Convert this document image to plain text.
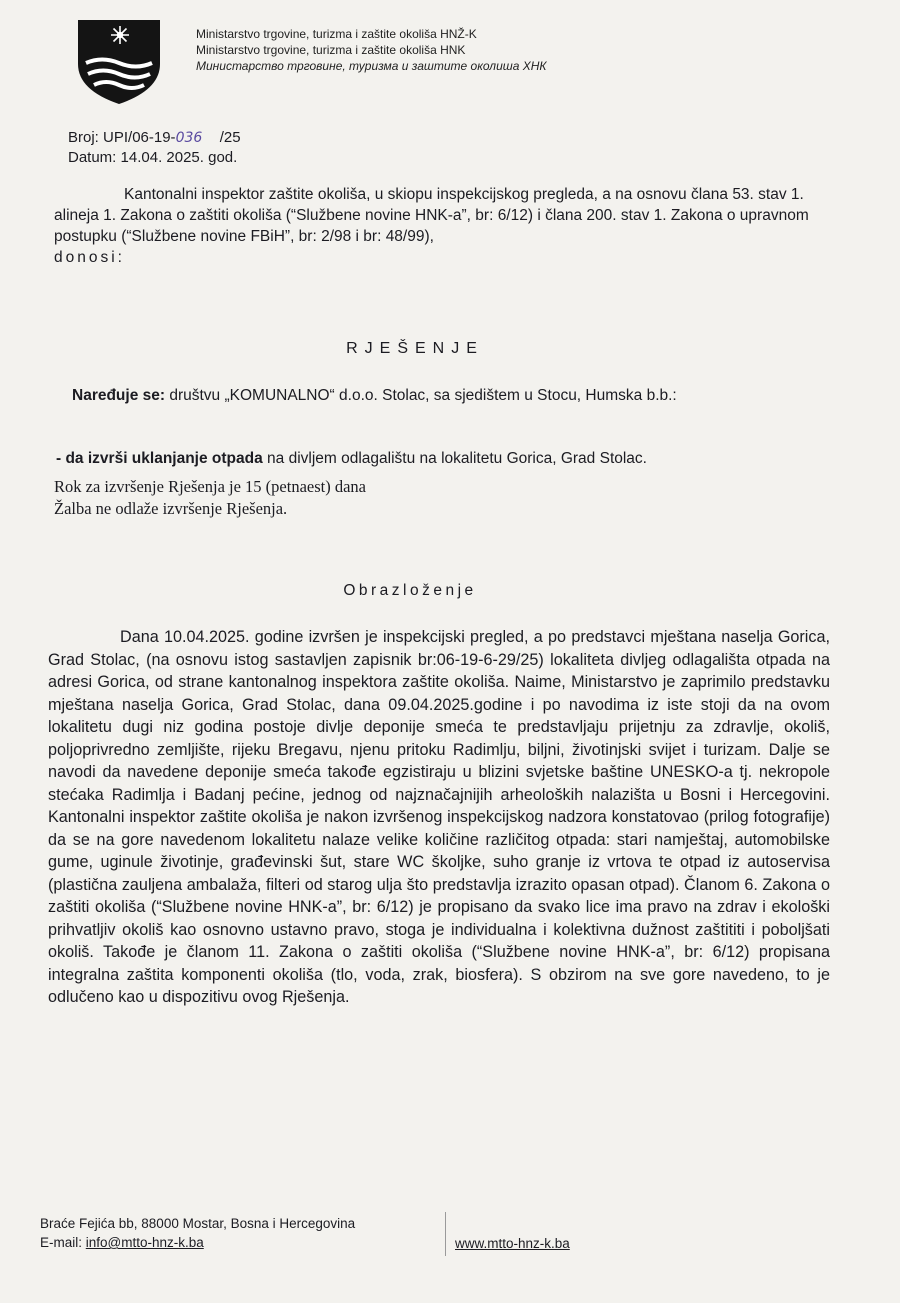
Ministarstvo trgovine, turizma i zaštite okoliša HNŽ-K
Ministarstvo trgovine, turizma i zaštite okoliša HNK
Министарство трговине, туризма и заштите околиша ХНК
Broj: UPI/06-19-036 /25
Datum: 14.04. 2025. god.

Kantonalni inspektor zaštite okoliša, u skiopu inspekcijskog pregleda, a na osnovu člana 53. stav 1. alineja 1. Zakona o zaštiti okoliša (“Službene novine HNK-a”, br: 6/12) i člana 200. stav 1. Zakona o upravnom postupku (“Službene novine FBiH”, br: 2/98 i br: 48/99),

donosi:
RJEŠENJE
Naređuje se: društvu „KOMUNALNO“ d.o.o. Stolac, sa sjedištem u Stocu, Humska b.b.:
- da izvrši uklanjanje otpada na divljem odlagalištu na lokalitetu Gorica, Grad Stolac.
Rok za izvršenje Rješenja je 15 (petnaest) dana
Žalba ne odlaže izvršenje Rješenja.
Obrazloženje

Dana 10.04.2025. godine izvršen je inspekcijski pregled, a po predstavci mještana naselja Gorica, Grad Stolac, (na osnovu istog sastavljen zapisnik br:06-19-6-29/25) lokaliteta divljeg odlagališta otpada na adresi Gorica, od strane kantonalnog inspektora zaštite okoliša. Naime, Ministarstvo je zaprimilo predstavku mještana naselja Gorica, Grad Stolac, dana 09.04.2025.godine i po navodima iz iste stoji da na ovom lokalitetu dugi niz godina postoje divlje deponije smeća te predstavljaju prijetnju za zdravlje, okoliš, poljoprivredno zemljište, rijeku Bregavu, njenu pritoku Radimlju, biljni, životinjski svijet i turizam. Dalje se navodi da navedene deponije smeća takođe egzistiraju u blizini svjetske baštine UNESKO-a tj. nekropole stećaka Radimlja i Badanj pećine, jednog od najznačajnijih arheoloških nalazišta u Bosni i Hercegovini. Kantonalni inspektor zaštite okoliša je nakon izvršenog inspekcijskog nadzora konstatovao (prilog fotografije) da se na gore navedenom lokalitetu nalaze velike količine različitog otpada: stari namještaj, automobilske gume, uginule životinje, građevinski šut, stare WC školjke, suho granje iz vrtova te otpad iz autoservisa (plastična zauljena ambalaža, filteri od starog ulja što predstavlja izrazito opasan otpad). Članom 6. Zakona o zaštiti okoliša (“Službene novine HNK-a”, br: 6/12) je propisano da svako lice ima pravo na zdrav i ekološki prihvatljiv okoliš kao osnovno ustavno pravo, stoga je individualna i kolektivna dužnost zaštititi i poboljšati okoliš. Takođe je članom 11. Zakona o zaštiti okoliša (“Službene novine HNK-a”, br: 6/12) propisana integralna zaštita komponenti okoliša (tlo, voda, zrak, biosfera). S obzirom na sve gore navedeno, to je odlučeno kao u dispozitivu ovog Rješenja.

Braće Fejića bb, 88000 Mostar, Bosna i Hercegovina
E-mail: info@mtto-hnz-k.ba	www.mtto-hnz-k.ba
